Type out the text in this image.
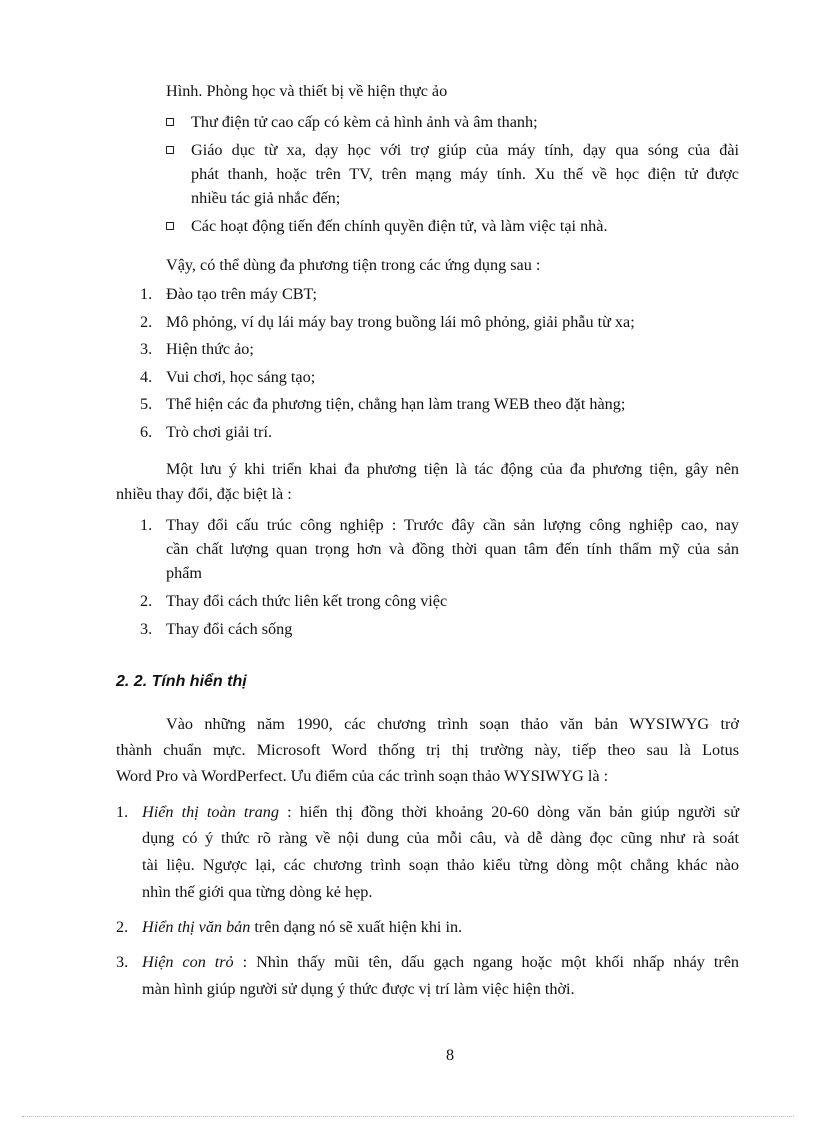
Hình. Phòng học và thiết bị về hiện thực ảo
Thư điện tử cao cấp có kèm cả hình ảnh và âm thanh;
Giáo dục từ xa, dạy học với trợ giúp của máy tính, dạy qua sóng của đài
phát thanh, hoặc trên TV, trên mạng máy tính. Xu thế về học điện tử được
nhiều tác giả nhắc đến;
Các hoạt động tiến đến chính quyền điện tử, và làm việc tại nhà.
Vậy, có thể dùng đa phương tiện trong các ứng dụng sau :
1. Đào tạo trên máy CBT;
2. Mô phỏng, ví dụ lái máy bay trong buồng lái mô phỏng, giải phẫu từ xa;
3. Hiện thức ảo;
4. Vui chơi, học sáng tạo;
5. Thể hiện các đa phương tiện, chẳng hạn làm trang WEB theo đặt hàng;
6. Trò chơi giải trí.
Một lưu ý khi triển khai đa phương tiện là tác động của đa phương tiện, gây nên
nhiều thay đổi, đặc biệt là :
1. Thay đổi cấu trúc công nghiệp : Trước đây cần sản lượng công nghiệp cao, nay
cần chất lượng quan trọng hơn và đồng thời quan tâm đến tính thẩm mỹ của sản
phẩm
2. Thay đổi cách thức liên kết trong công việc
3. Thay đổi cách sống
2. 2. Tính hiển thị
Vào những năm 1990, các chương trình soạn thảo văn bản WYSIWYG trở
thành chuẩn mực. Microsoft Word thống trị thị trường này, tiếp theo sau là Lotus
Word Pro và WordPerfect. Ưu điểm của các trình soạn thảo WYSIWYG là :
1. Hiển thị toàn trang : hiển thị đồng thời khoảng 20-60 dòng văn bản giúp người sử
dụng có ý thức rõ ràng về nội dung của mỗi câu, và dễ dàng đọc cũng như rà soát
tài liệu. Ngược lại, các chương trình soạn thảo kiểu từng dòng một chẳng khác nào
nhìn thế giới qua từng dòng kẻ hẹp.
2. Hiển thị văn bản trên dạng nó sẽ xuất hiện khi in.
3. Hiện con trỏ : Nhìn thấy mũi tên, dấu gạch ngang hoặc một khối nhấp nháy trên
màn hình giúp người sử dụng ý thức được vị trí làm việc hiện thời.
8
